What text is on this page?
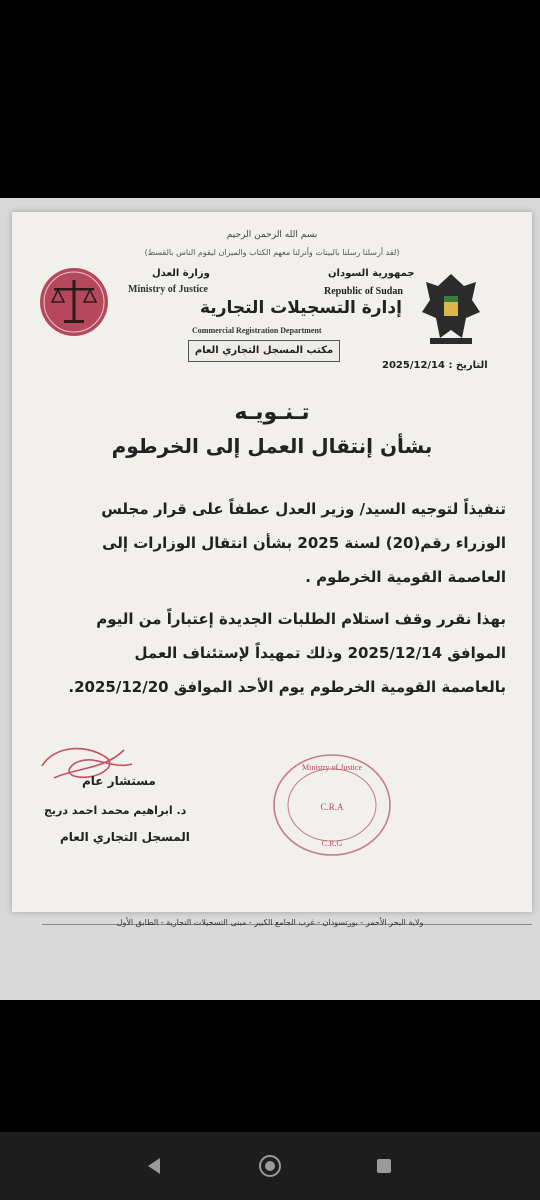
بسم الله الرحمن الرحيم
(لقد أرسلنا رسلنا بالبينات وأنزلنا معهم الكتاب والميزان ليقوم الناس بالقسط)
جمهورية السودان
Republic of Sudan
وزارة العدل
Ministry of Justice
إدارة التسجيلات التجارية
Commercial Registration Department
مكتب المسجل التجاري العام
التاريخ : 2025/12/14
تـنـويـه
بشأن إنتقال العمل إلى الخرطوم
تنفيذاً لتوجيه السيد/ وزير العدل عطفاً على قرار مجلس
الوزراء رقم(20) لسنة 2025 بشأن انتقال الوزارات إلى
العاصمة القومية الخرطوم .
بهذا نقرر وقف استلام الطلبات الجديدة إعتباراً من اليوم
الموافق 2025/12/14 وذلك تمهيداً لإستئناف العمل
بالعاصمة القومية الخرطوم يوم الأحد الموافق 2025/12/20.
مستشار عام
د. ابراهيم محمد احمد دريج
المسجل التجاري العام
Ministry of Justice
C.R.A
C.R.G
ولاية البحر الأحمر - بورتسودان - غرب الجامع الكبير - مبنى التسجيلات التجارية - الطابق الأول
